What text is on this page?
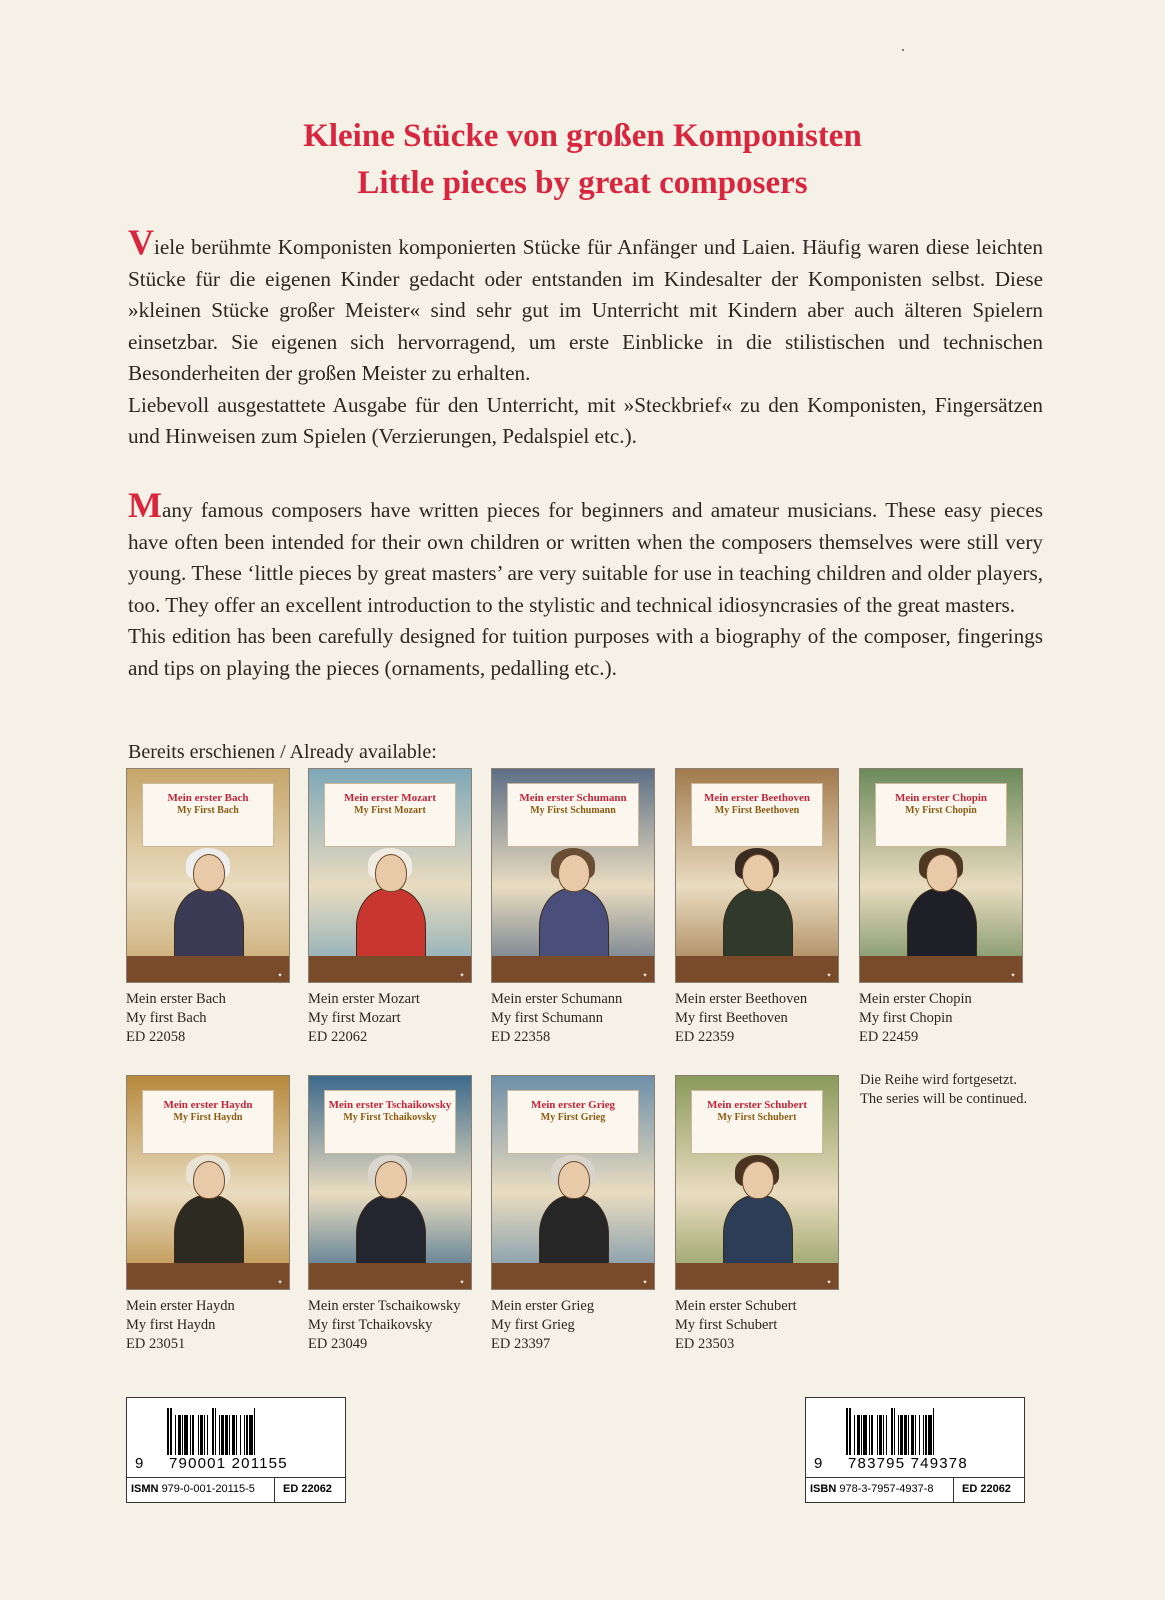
Kleine Stücke von großen Komponisten
Little pieces by great composers

Viele berühmte Komponisten komponierten Stücke für Anfänger und Laien. Häufig waren diese leichten Stücke für die eigenen Kinder gedacht oder entstanden im Kindesalter der Komponisten selbst. Diese »kleinen Stücke großer Meister« sind sehr gut im Unterricht mit Kindern aber auch älteren Spielern einsetzbar. Sie eigenen sich hervorragend, um erste Einblicke in die stilistischen und technischen Besonderheiten der großen Meister zu erhalten.

Liebevoll ausgestattete Ausgabe für den Unterricht, mit »Steckbrief« zu den Komponisten, Fingersätzen und Hinweisen zum Spielen (Verzierungen, Pedalspiel etc.).

Many famous composers have written pieces for beginners and amateur musicians. These easy pieces have often been intended for their own children or written when the composers themselves were still very young. These ‘little pieces by great masters’ are very suitable for use in teaching children and older players, too. They offer an excellent introduction to the stylistic and technical idiosyncrasies of the great masters.

This edition has been carefully designed for tuition purposes with a biography of the composer, fingerings and tips on playing the pieces (ornaments, pedalling etc.).

Bereits erschienen / Already available:
Mein erster Bach
My First Bach
✦
Mein erster Mozart
My First Mozart
✦
Mein erster Schumann
My First Schumann
✦
Mein erster Beethoven
My First Beethoven
✦
Mein erster Chopin
My First Chopin
✦
Mein erster Bach
My first Bach
ED 22058
Mein erster Mozart
My first Mozart
ED 22062
Mein erster Schumann
My first Schumann
ED 22358
Mein erster Beethoven
My first Beethoven
ED 22359
Mein erster Chopin
My first Chopin
ED 22459
Mein erster Haydn
My First Haydn
✦
Mein erster Tschaikowsky
My First Tchaikovsky
✦
Mein erster Grieg
My First Grieg
✦
Mein erster Schubert
My First Schubert
✦
Die Reihe wird fortgesetzt.
The series will be continued.
Mein erster Haydn
My first Haydn
ED 23051
Mein erster Tschaikowsky
My first Tchaikovsky
ED 23049
Mein erster Grieg
My first Grieg
ED 23397
Mein erster Schubert
My first Schubert
ED 23503
9 790001 201155
ISMN 979-0-001-20115-5	ED 22062
9 783795 749378
ISBN 978-3-7957-4937-8	ED 22062
